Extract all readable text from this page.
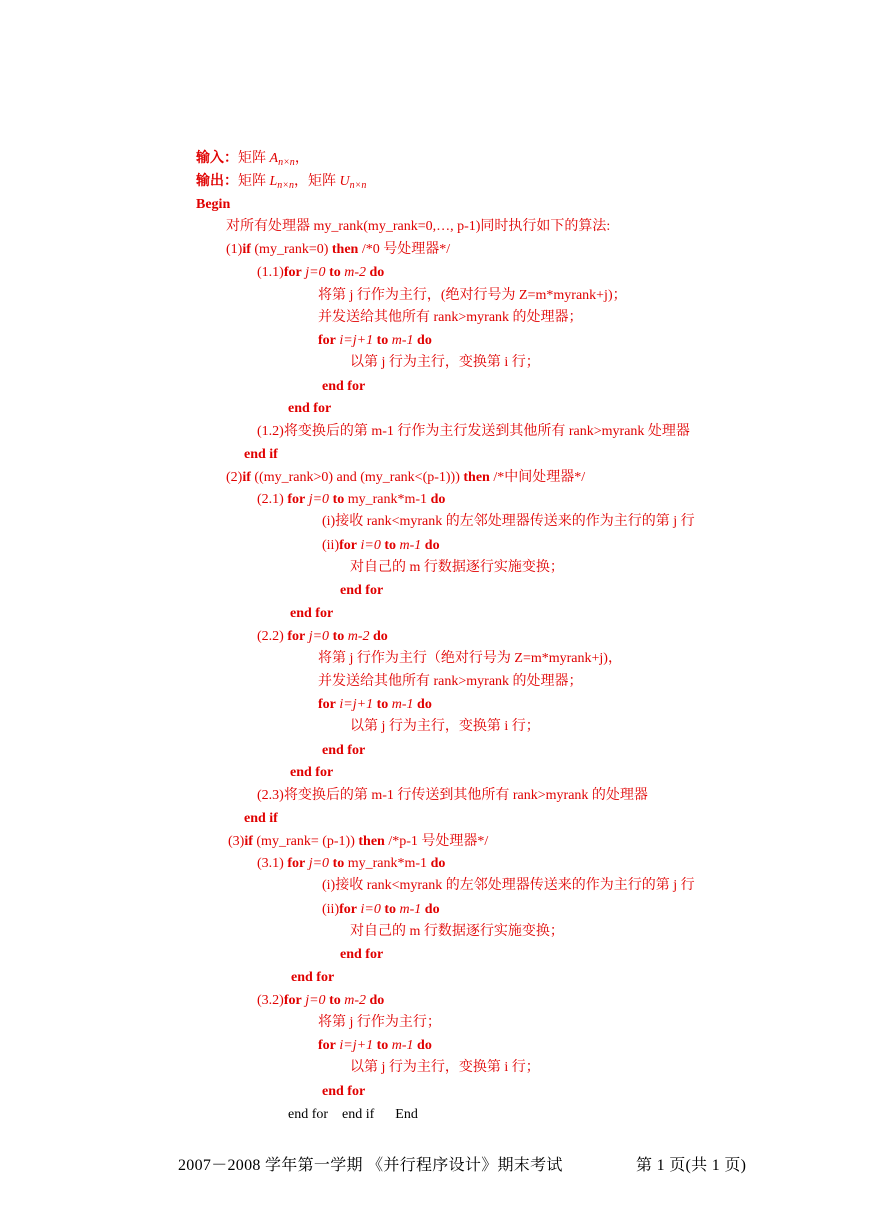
输入：矩阵 $A_{n\times n}$，
输出：矩阵 $L_{n\times n}$，矩阵 $U_{n\times n}$
Begin
对所有处理器 my_rank(my_rank=0,…, p-1)同时执行如下的算法:
(1)if (my_rank=0) then /*0 号处理器*/
(1.1)for j=0 to m-2 do
将第 j 行作为主行，(绝对行号为 Z=m*myrank+j)；
并发送给其他所有 rank>myrank 的处理器；
for i=j+1 to m-1 do
以第 j 行为主行，变换第 i 行；
end for
end for
(1.2)将变换后的第 m-1 行作为主行发送到其他所有 rank>myrank 处理器
end if
(2)if ((my_rank>0) and (my_rank<(p-1))) then /*中间处理器*/
(2.1) for j=0 to my_rank*m-1 do
(i)接收 rank<myrank 的左邻处理器传送来的作为主行的第 j 行
(ii)for i=0 to m-1 do
对自己的 m 行数据逐行实施变换；
end for
end for
(2.2) for j=0 to m-2 do
将第 j 行作为主行（绝对行号为 Z=m*myrank+j)，
并发送给其他所有 rank>myrank 的处理器；
for i=j+1 to m-1 do
以第 j 行为主行，变换第 i 行；
end for
end for
(2.3)将变换后的第 m-1 行传送到其他所有 rank>myrank 的处理器
end if
(3)if (my_rank= (p-1)) then /*p-1 号处理器*/
(3.1) for j=0 to my_rank*m-1 do
(i)接收 rank<myrank 的左邻处理器传送来的作为主行的第 j 行
(ii)for i=0 to m-1 do
对自己的 m 行数据逐行实施变换；
end for
end for
(3.2)for j=0 to m-2 do
将第 j 行作为主行；
for i=j+1 to m-1 do
以第 j 行为主行，变换第 i 行；
end for
end for    end if      End
2007－2008 学年第一学期 《并行程序设计》期末考试	第 1 页(共 1 页)
